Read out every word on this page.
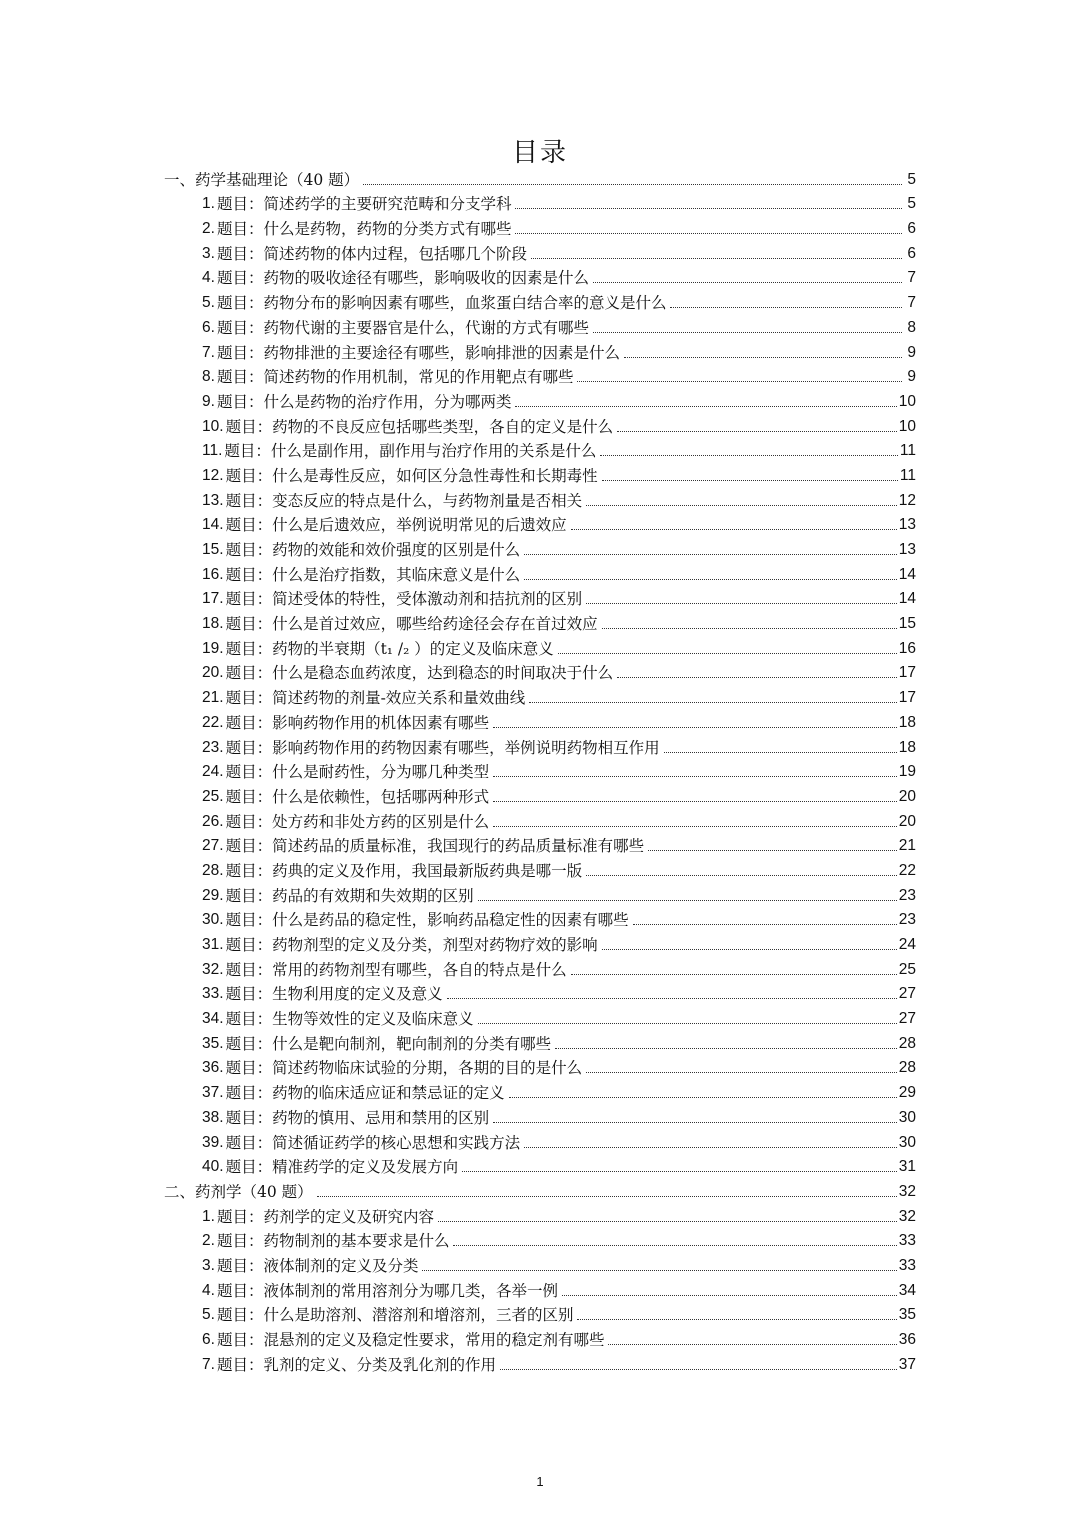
目录
一、药学基础理论（40 题）	5
1. 题目：简述药学的主要研究范畴和分支学科	5
2. 题目：什么是药物，药物的分类方式有哪些	6
3. 题目：简述药物的体内过程，包括哪几个阶段	6
4. 题目：药物的吸收途径有哪些，影响吸收的因素是什么	7
5. 题目：药物分布的影响因素有哪些，血浆蛋白结合率的意义是什么	7
6. 题目：药物代谢的主要器官是什么，代谢的方式有哪些	8
7. 题目：药物排泄的主要途径有哪些，影响排泄的因素是什么	9
8. 题目：简述药物的作用机制，常见的作用靶点有哪些	9
9. 题目：什么是药物的治疗作用，分为哪两类	10
10. 题目：药物的不良反应包括哪些类型，各自的定义是什么	10
11. 题目：什么是副作用，副作用与治疗作用的关系是什么	11
12. 题目：什么是毒性反应，如何区分急性毒性和长期毒性	11
13. 题目：变态反应的特点是什么，与药物剂量是否相关	12
14. 题目：什么是后遗效应，举例说明常见的后遗效应	13
15. 题目：药物的效能和效价强度的区别是什么	13
16. 题目：什么是治疗指数，其临床意义是什么	14
17. 题目：简述受体的特性，受体激动剂和拮抗剂的区别	14
18. 题目：什么是首过效应，哪些给药途径会存在首过效应	15
19. 题目：药物的半衰期（t₁ /₂ ）的定义及临床意义	16
20. 题目：什么是稳态血药浓度，达到稳态的时间取决于什么	17
21. 题目：简述药物的剂量-效应关系和量效曲线	17
22. 题目：影响药物作用的机体因素有哪些	18
23. 题目：影响药物作用的药物因素有哪些，举例说明药物相互作用	18
24. 题目：什么是耐药性，分为哪几种类型	19
25. 题目：什么是依赖性，包括哪两种形式	20
26. 题目：处方药和非处方药的区别是什么	20
27. 题目：简述药品的质量标准，我国现行的药品质量标准有哪些	21
28. 题目：药典的定义及作用，我国最新版药典是哪一版	22
29. 题目：药品的有效期和失效期的区别	23
30. 题目：什么是药品的稳定性，影响药品稳定性的因素有哪些	23
31. 题目：药物剂型的定义及分类，剂型对药物疗效的影响	24
32. 题目：常用的药物剂型有哪些，各自的特点是什么	25
33. 题目：生物利用度的定义及意义	27
34. 题目：生物等效性的定义及临床意义	27
35. 题目：什么是靶向制剂，靶向制剂的分类有哪些	28
36. 题目：简述药物临床试验的分期，各期的目的是什么	28
37. 题目：药物的临床适应证和禁忌证的定义	29
38. 题目：药物的慎用、忌用和禁用的区别	30
39. 题目：简述循证药学的核心思想和实践方法	30
40. 题目：精准药学的定义及发展方向	31
二、药剂学（40 题）	32
1. 题目：药剂学的定义及研究内容	32
2. 题目：药物制剂的基本要求是什么	33
3. 题目：液体制剂的定义及分类	33
4. 题目：液体制剂的常用溶剂分为哪几类，各举一例	34
5. 题目：什么是助溶剂、潜溶剂和增溶剂，三者的区别	35
6. 题目：混悬剂的定义及稳定性要求，常用的稳定剂有哪些	36
7. 题目：乳剂的定义、分类及乳化剂的作用	37
1
